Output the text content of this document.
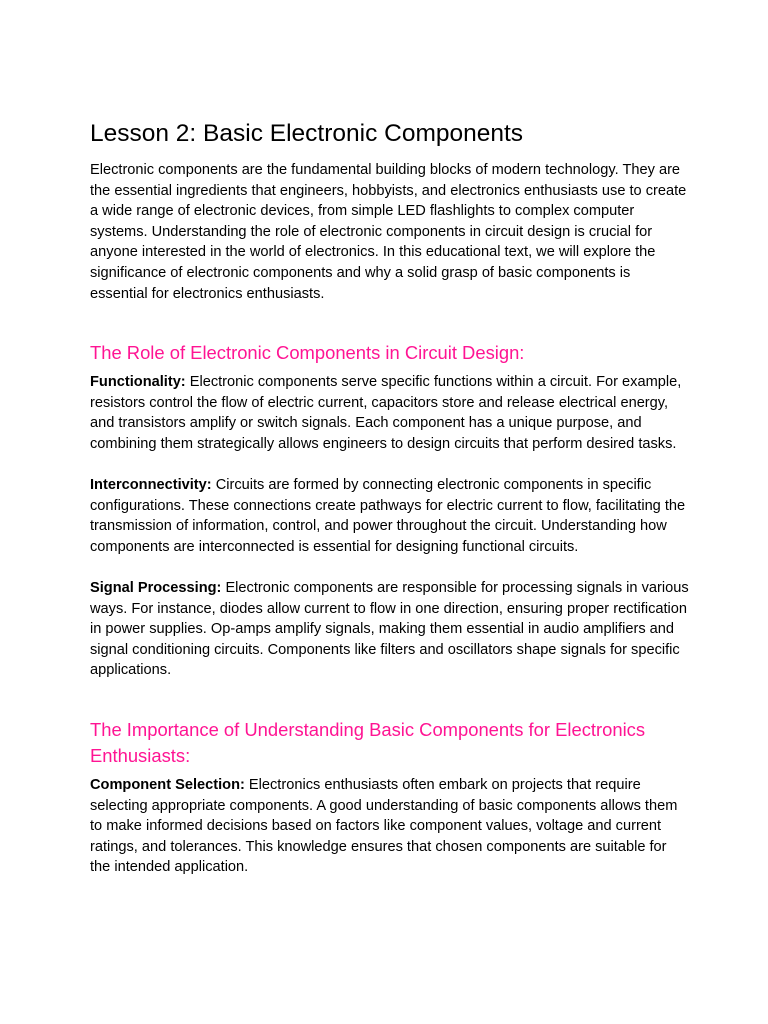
Lesson 2: Basic Electronic Components

Electronic components are the fundamental building blocks of modern technology. They are the essential ingredients that engineers, hobbyists, and electronics enthusiasts use to create a wide range of electronic devices, from simple LED flashlights to complex computer systems. Understanding the role of electronic components in circuit design is crucial for anyone interested in the world of electronics. In this educational text, we will explore the significance of electronic components and why a solid grasp of basic components is essential for electronics enthusiasts.

The Role of Electronic Components in Circuit Design:

Functionality: Electronic components serve specific functions within a circuit. For example, resistors control the flow of electric current, capacitors store and release electrical energy, and transistors amplify or switch signals. Each component has a unique purpose, and combining them strategically allows engineers to design circuits that perform desired tasks.

Interconnectivity: Circuits are formed by connecting electronic components in specific configurations. These connections create pathways for electric current to flow, facilitating the transmission of information, control, and power throughout the circuit. Understanding how components are interconnected is essential for designing functional circuits.

Signal Processing: Electronic components are responsible for processing signals in various ways. For instance, diodes allow current to flow in one direction, ensuring proper rectification in power supplies. Op-amps amplify signals, making them essential in audio amplifiers and signal conditioning circuits. Components like filters and oscillators shape signals for specific applications.

The Importance of Understanding Basic Components for Electronics Enthusiasts:

Component Selection: Electronics enthusiasts often embark on projects that require selecting appropriate components. A good understanding of basic components allows them to make informed decisions based on factors like component values, voltage and current ratings, and tolerances. This knowledge ensures that chosen components are suitable for the intended application.
